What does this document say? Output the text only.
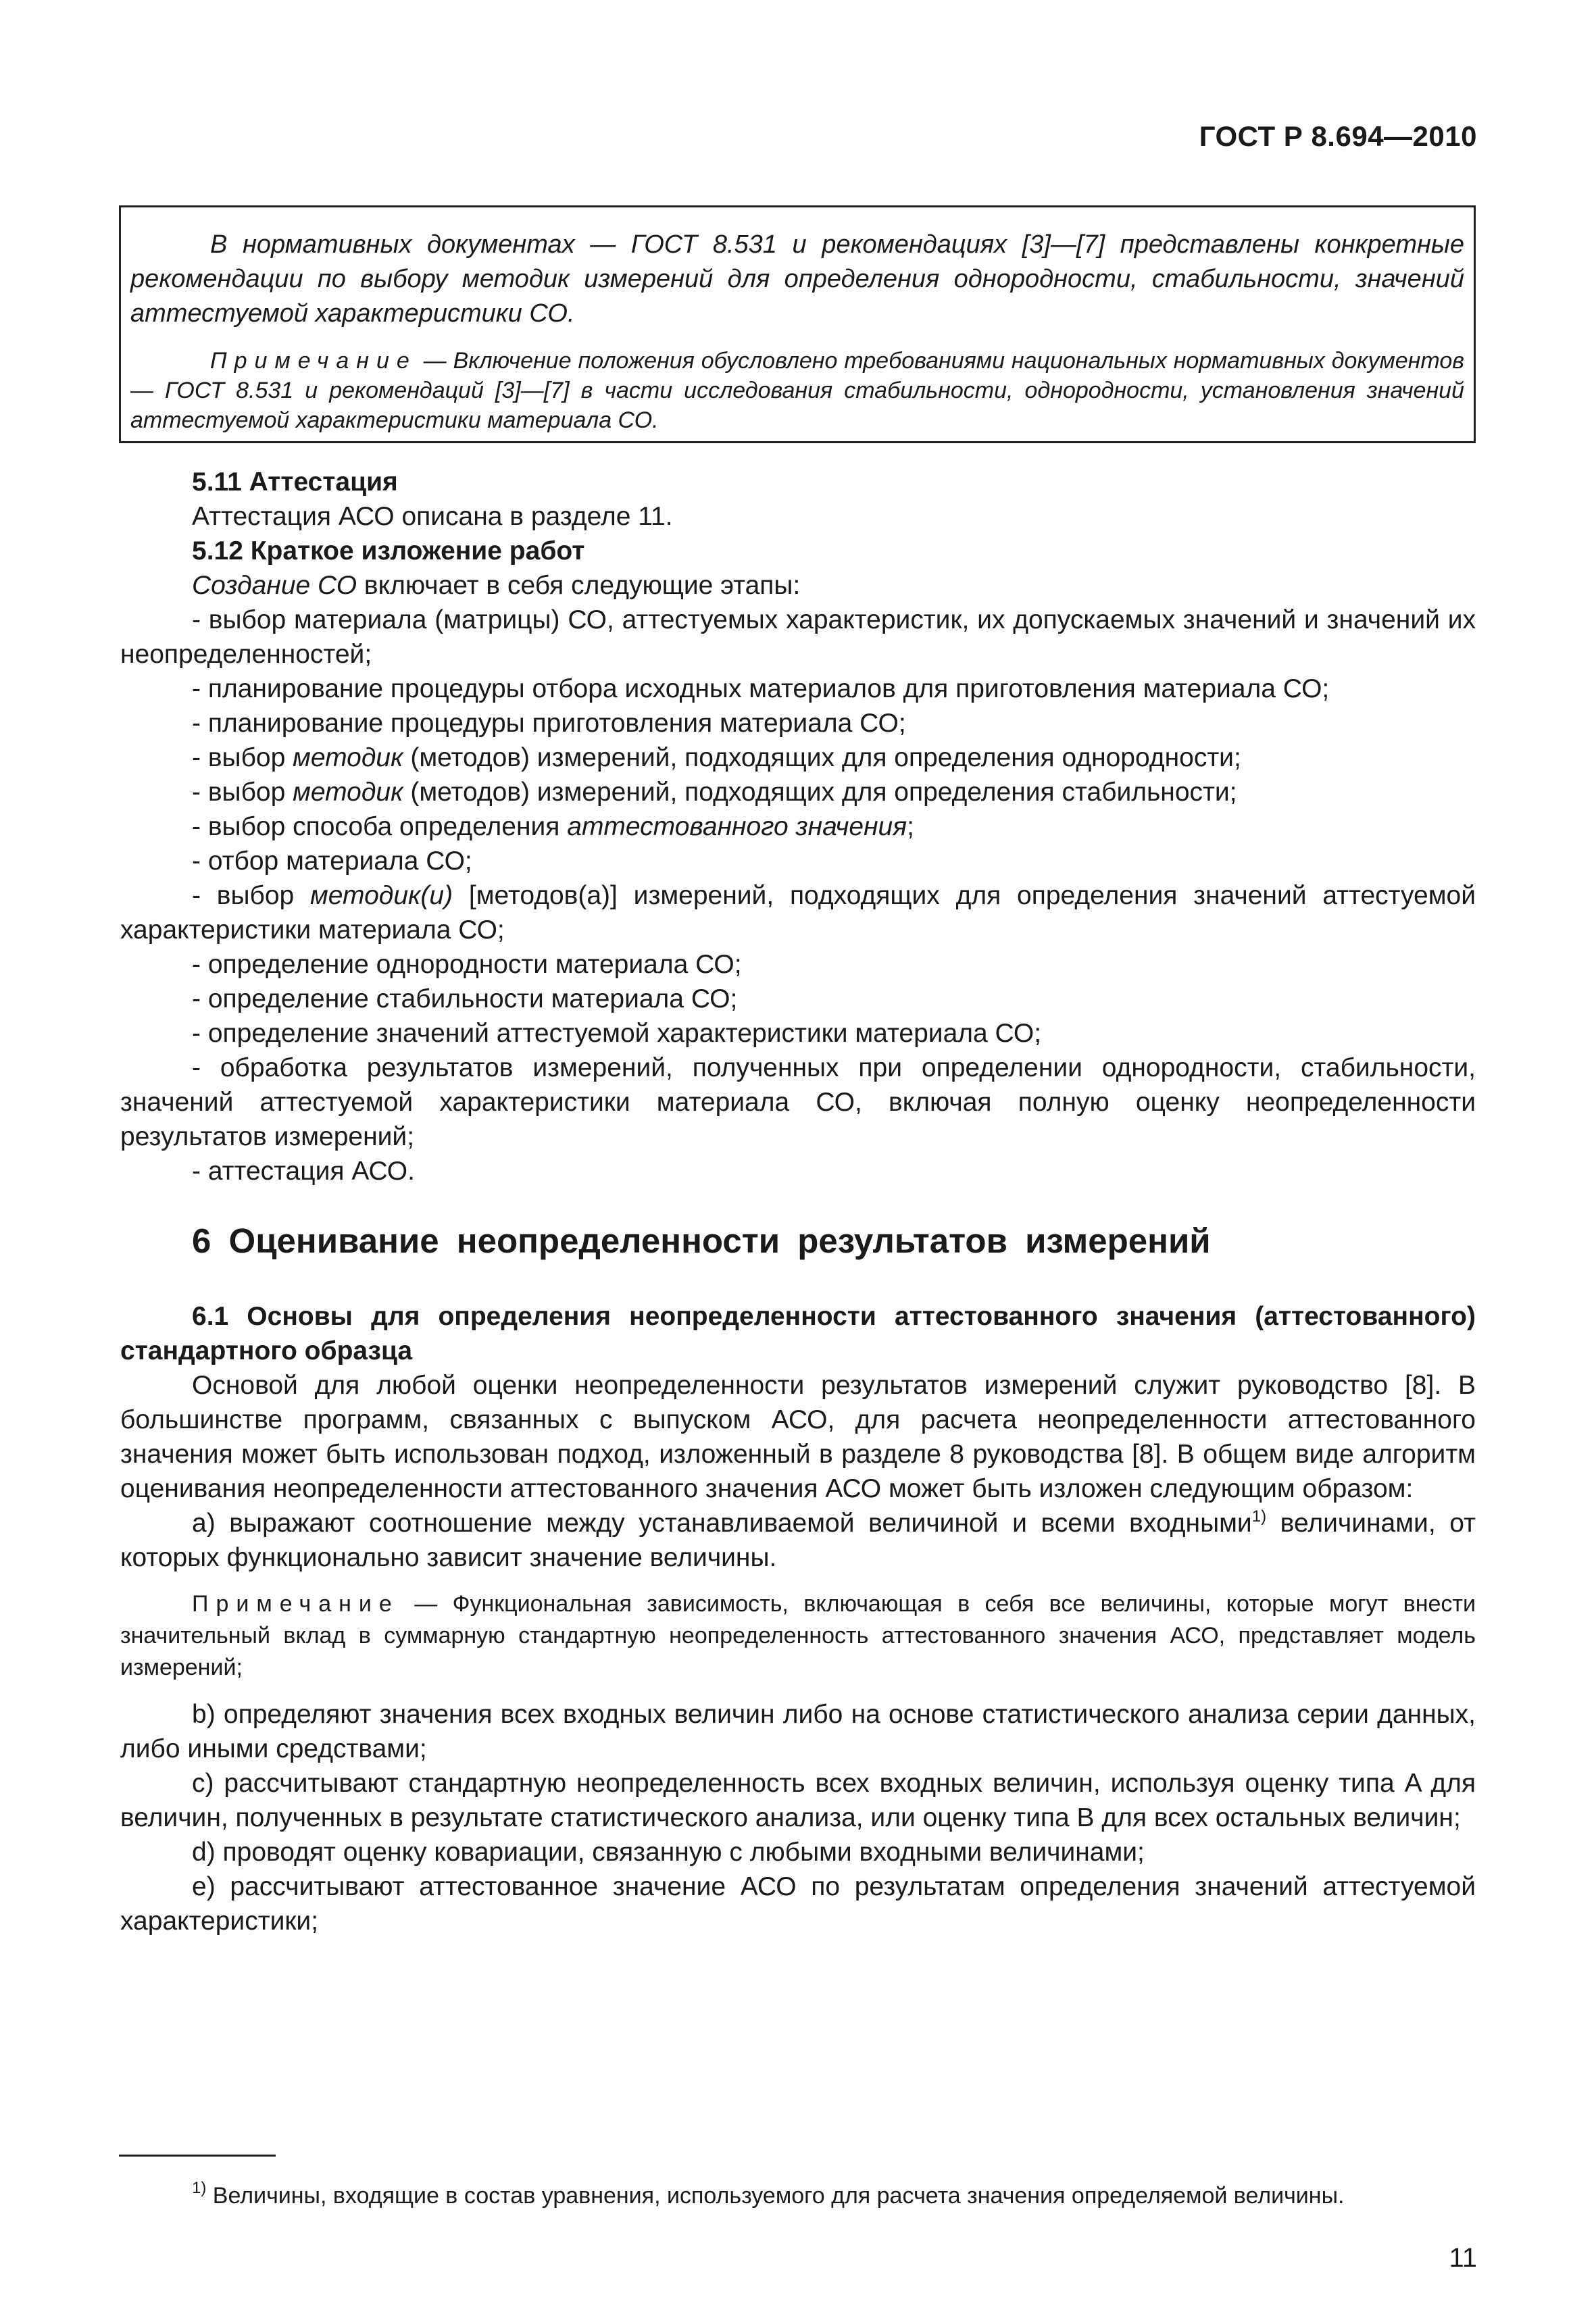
ГОСТ Р 8.694—2010

В нормативных документах — ГОСТ 8.531 и рекомендациях [3]—[7] представлены конкретные рекомендации по выбору методик измерений для определения однородности, стабильности, значений аттестуемой характеристики СО.

Примечание — Включение положения обусловлено требованиями национальных нормативных документов — ГОСТ 8.531 и рекомендаций [3]—[7] в части исследования стабильности, однородности, установления значений аттестуемой характеристики материала СО.

5.11 Аттестация

Аттестация АСО описана в разделе 11.

5.12 Краткое изложение работ

Создание СО включает в себя следующие этапы:

- выбор материала (матрицы) СО, аттестуемых характеристик, их допускаемых значений и значений их неопределенностей;

- планирование процедуры отбора исходных материалов для приготовления материала СО;

- планирование процедуры приготовления материала СО;

- выбор методик (методов) измерений, подходящих для определения однородности;

- выбор методик (методов) измерений, подходящих для определения стабильности;

- выбор способа определения аттестованного значения;

- отбор материала СО;

- выбор методик(и) [методов(а)] измерений, подходящих для определения значений аттестуемой характеристики материала СО;

- определение однородности материала СО;

- определение стабильности материала СО;

- определение значений аттестуемой характеристики материала СО;

- обработка результатов измерений, полученных при определении однородности, стабильности, значений аттестуемой характеристики материала СО, включая полную оценку неопределенности результатов измерений;

- аттестация АСО.

6 Оценивание неопределенности результатов измерений

6.1 Основы для определения неопределенности аттестованного значения (аттестованного) стандартного образца

Основой для любой оценки неопределенности результатов измерений служит руководство [8]. В большинстве программ, связанных с выпуском АСО, для расчета неопределенности аттестованного значения может быть использован подход, изложенный в разделе 8 руководства [8]. В общем виде алгоритм оценивания неопределенности аттестованного значения АСО может быть изложен следующим образом:

а) выражают соотношение между устанавливаемой величиной и всеми входными$^{1)}$ величинами, от которых функционально зависит значение величины.

Примечание — Функциональная зависимость, включающая в себя все величины, которые могут внести значительный вклад в суммарную стандартную неопределенность аттестованного значения АСО, представляет модель измерений;

b) определяют значения всех входных величин либо на основе статистического анализа серии данных, либо иными средствами;

c) рассчитывают стандартную неопределенность всех входных величин, используя оценку типа A для величин, полученных в результате статистического анализа, или оценку типа B для всех остальных величин;

d) проводят оценку ковариации, связанную с любыми входными величинами;

e) рассчитывают аттестованное значение АСО по результатам определения значений аттестуемой характеристики;

$^{1)}$ Величины, входящие в состав уравнения, используемого для расчета значения определяемой величины.
11
